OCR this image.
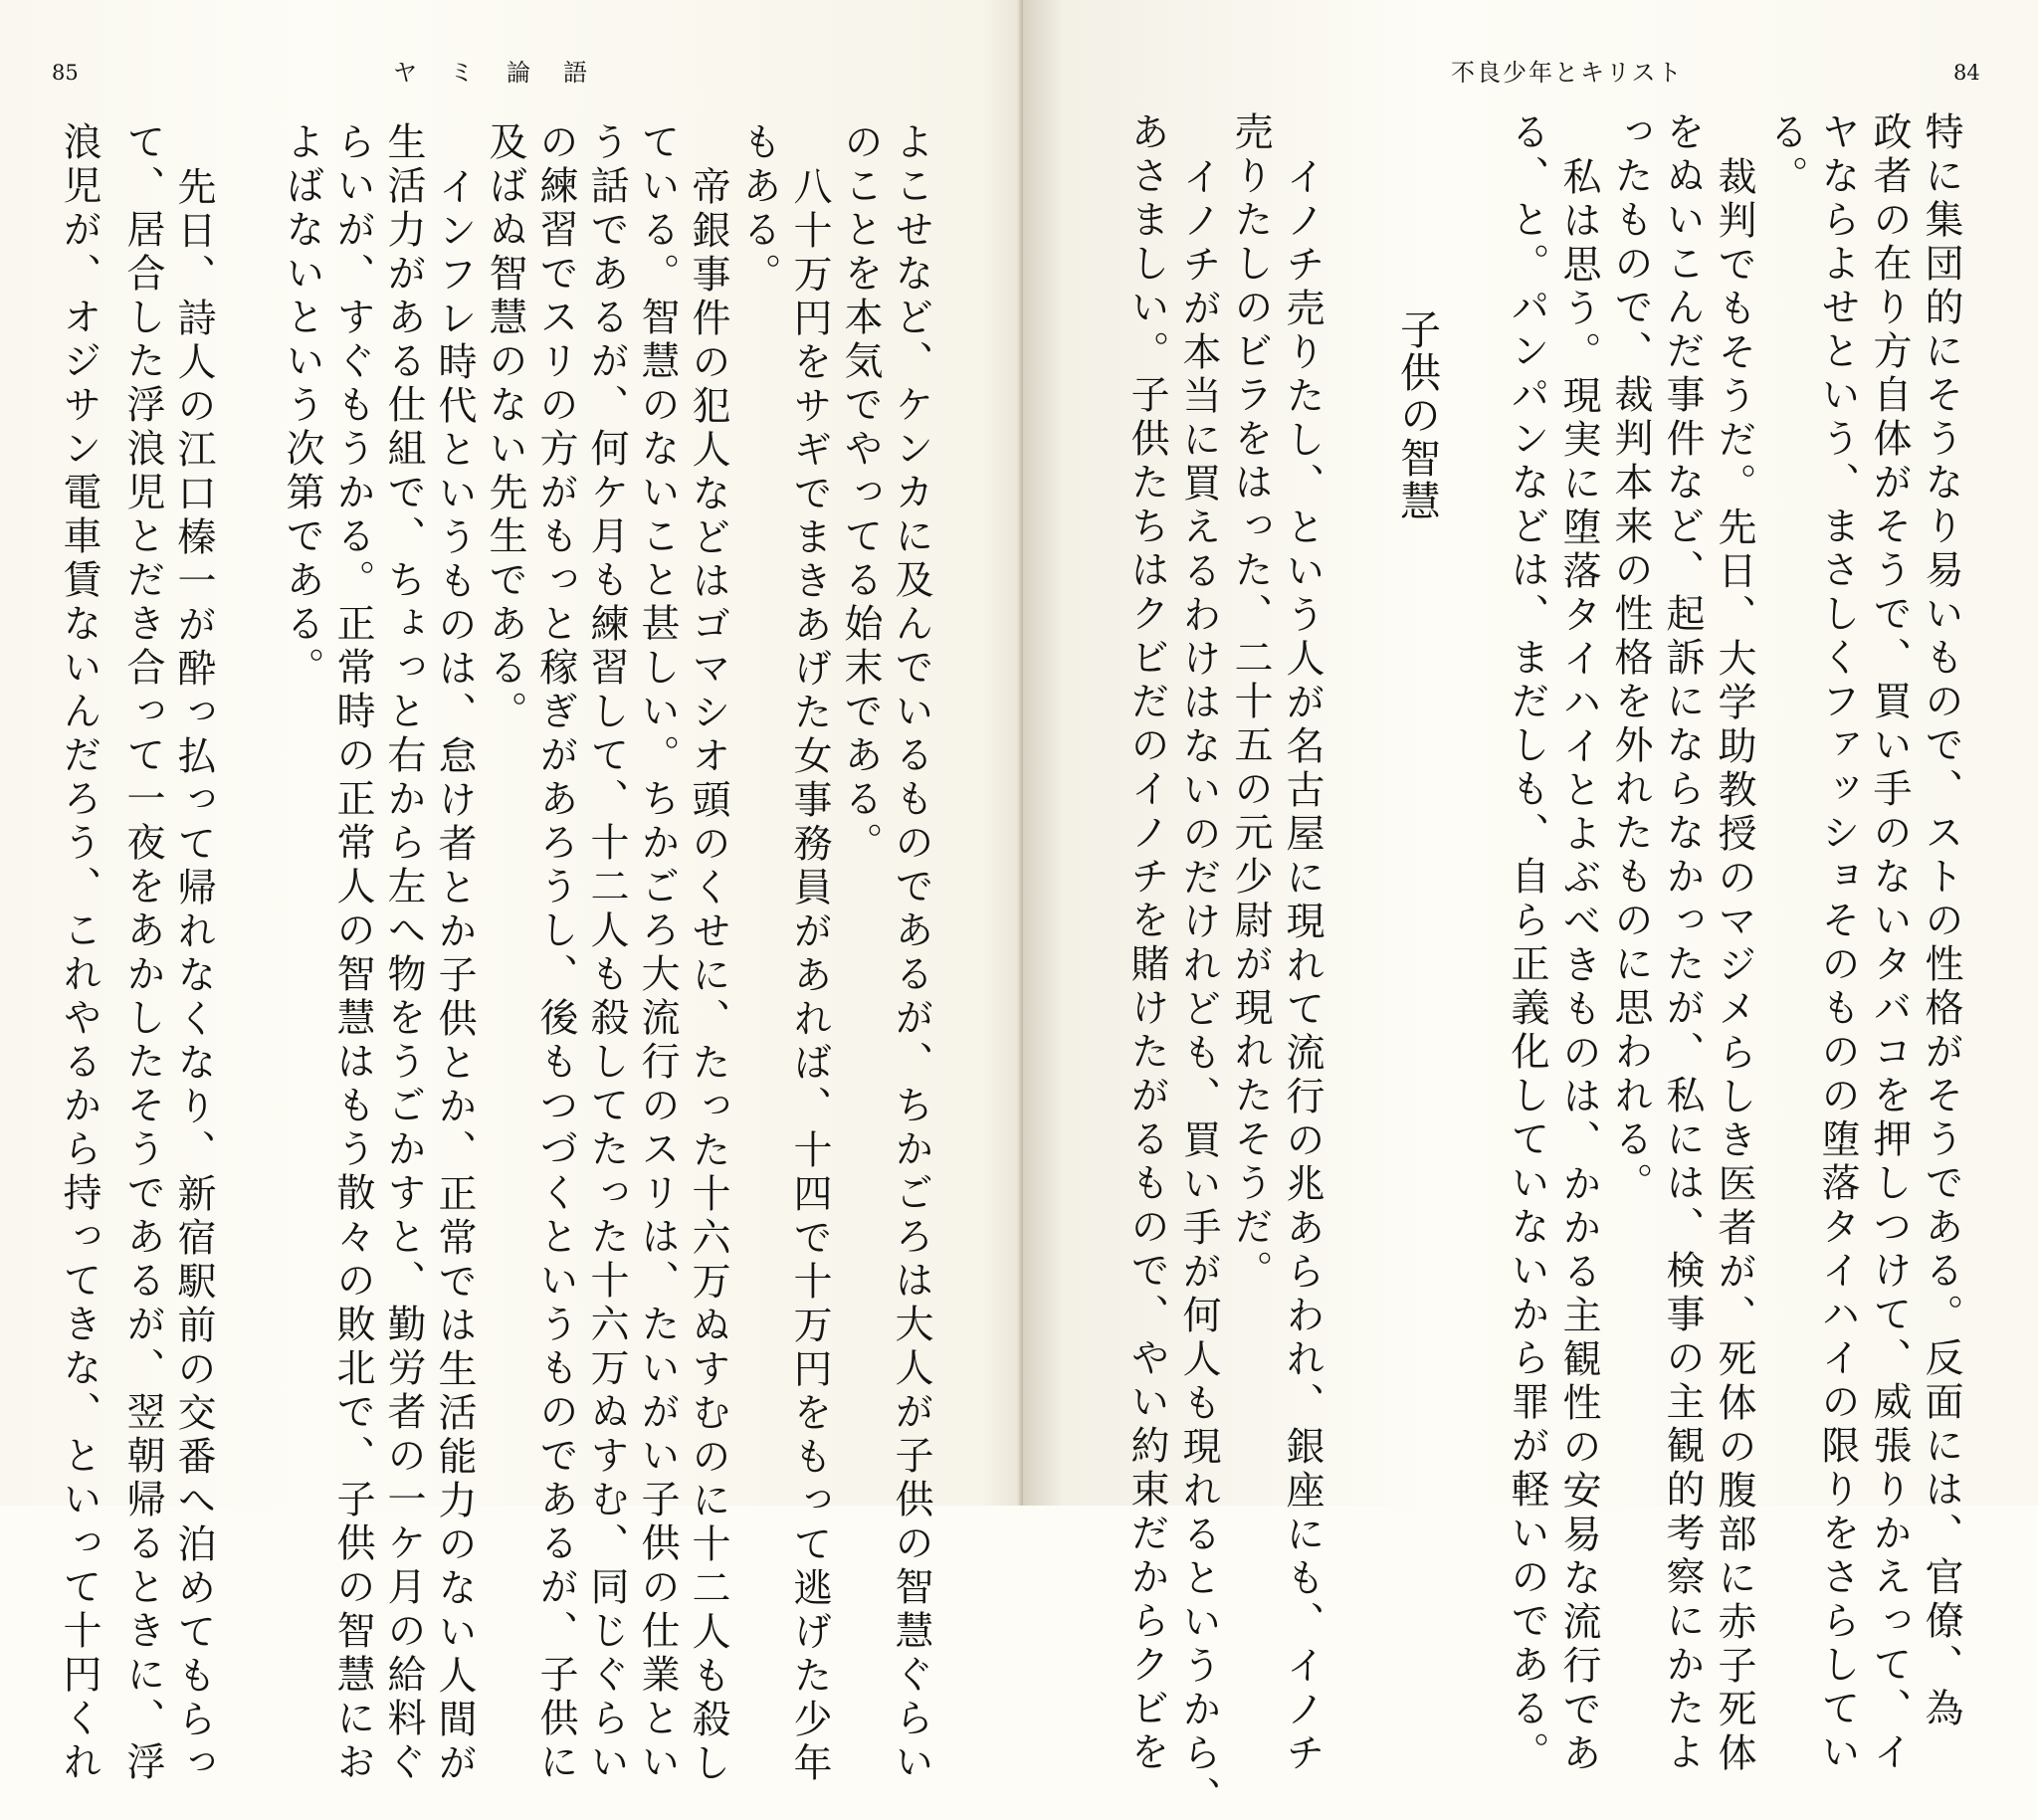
85	ヤミ論語
よこせなど、ケンカに及んでいるものであるが、ちかごろは大人が子供の智慧ぐらい
のことを本気でやってる始末である。
八十万円をサギでまきあげた女事務員があれば、十四で十万円をもって逃げた少年
もある。
帝銀事件の犯人などはゴマシオ頭のくせに、たった十六万ぬすむのに十二人も殺し
ている。智慧のないこと甚しい。ちかごろ大流行のスリは、たいがい子供の仕業とい
う話であるが、何ケ月も練習して、十二人も殺してたった十六万ぬすむ、同じぐらい
の練習でスリの方がもっと稼ぎがあろうし、後もつづくというものであるが、子供に
及ばぬ智慧のない先生である。
インフレ時代というものは、怠け者とか子供とか、正常では生活能力のない人間が
生活力がある仕組で、ちょっと右から左へ物をうごかすと、勤労者の一ケ月の給料ぐ
らいが、すぐもうかる。正常時の正常人の智慧はもう散々の敗北で、子供の智慧にお
よばないという次第である。
先日、詩人の江口榛一が酔っ払って帰れなくなり、新宿駅前の交番へ泊めてもらっ
て、居合した浮浪児とだき合って一夜をあかしたそうであるが、翌朝帰るときに、浮
浪児が、オジサン電車賃ないんだろう、これやるから持ってきな、といって十円くれ
不良少年とキリスト	84
特に集団的にそうなり易いもので、ストの性格がそうである。反面には、官僚、為
政者の在り方自体がそうで、買い手のないタバコを押しつけて、威張りかえって、イ
ヤならよせという、まさしくファッショそのものの堕落タイハイの限りをさらしてい
る。
裁判でもそうだ。先日、大学助教授のマジメらしき医者が、死体の腹部に赤子死体
をぬいこんだ事件など、起訴にならなかったが、私には、検事の主観的考察にかたよ
ったもので、裁判本来の性格を外れたものに思われる。
私は思う。現実に堕落タイハイとよぶべきものは、かかる主観性の安易な流行であ
る、と。パンパンなどは、まだしも、自ら正義化していないから罪が軽いのである。
子供の智慧
イノチ売りたし、という人が名古屋に現れて流行の兆あらわれ、銀座にも、イノチ
売りたしのビラをはった、二十五の元少尉が現れたそうだ。
イノチが本当に買えるわけはないのだけれども、買い手が何人も現れるというから、
あさましい。子供たちはクビだのイノチを賭けたがるもので、やい約束だからクビを
